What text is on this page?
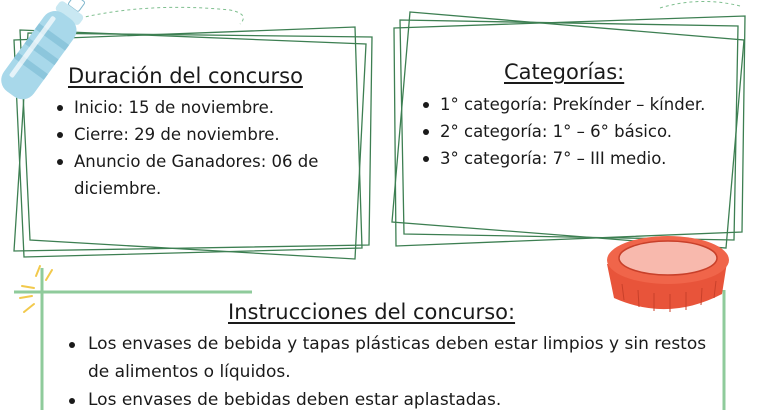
Duración del concurso
Inicio: 15 de noviembre.
Cierre: 29 de noviembre.
Anuncio de Ganadores: 06 de diciembre.
Categorías:
1° categoría: Prekínder – kínder.
2° categoría: 1° – 6° básico.
3° categoría: 7° – III medio.
Instrucciones del concurso:
Los envases de bebida y tapas plásticas deben estar limpios y sin restos de alimentos o líquidos.
Los envases de bebidas deben estar aplastadas.
